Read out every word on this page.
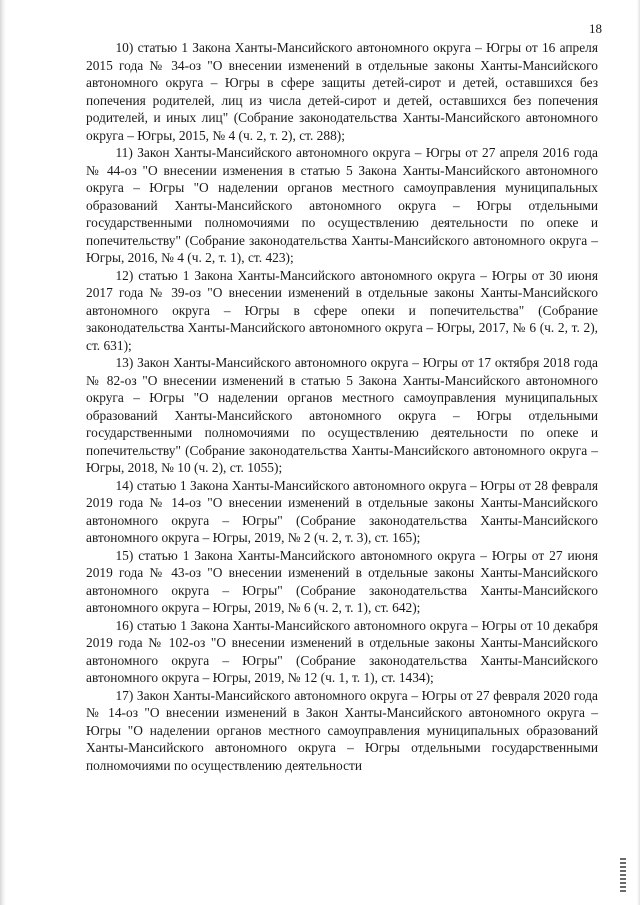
18

10) статью 1 Закона Ханты-Мансийского автономного округа – Югры от 16 апреля 2015 года № 34-оз "О внесении изменений в отдельные законы Ханты-Мансийского автономного округа – Югры в сфере защиты детей-сирот и детей, оставшихся без попечения родителей, лиц из числа детей-сирот и детей, оставшихся без попечения родителей, и иных лиц" (Собрание законодательства Ханты-Мансийского автономного округа – Югры, 2015, № 4 (ч. 2, т. 2), ст. 288);

11) Закон Ханты-Мансийского автономного округа – Югры от 27 апреля 2016 года № 44-оз "О внесении изменения в статью 5 Закона Ханты-Мансийского автономного округа – Югры "О наделении органов местного самоуправления муниципальных образований Ханты-Мансийского автономного округа – Югры отдельными государственными полномочиями по осуществлению деятельности по опеке и попечительству" (Собрание законодательства Ханты-Мансийского автономного округа – Югры, 2016, № 4 (ч. 2, т. 1), ст. 423);

12) статью 1 Закона Ханты-Мансийского автономного округа – Югры от 30 июня 2017 года № 39-оз "О внесении изменений в отдельные законы Ханты-Мансийского автономного округа – Югры в сфере опеки и попечительства" (Собрание законодательства Ханты-Мансийского автономного округа – Югры, 2017, № 6 (ч. 2, т. 2), ст. 631);

13) Закон Ханты-Мансийского автономного округа – Югры от 17 октября 2018 года № 82-оз "О внесении изменений в статью 5 Закона Ханты-Мансийского автономного округа – Югры "О наделении органов местного самоуправления муниципальных образований Ханты-Мансийского автономного округа – Югры отдельными государственными полномочиями по осуществлению деятельности по опеке и попечительству" (Собрание законодательства Ханты-Мансийского автономного округа – Югры, 2018, № 10 (ч. 2), ст. 1055);

14) статью 1 Закона Ханты-Мансийского автономного округа – Югры от 28 февраля 2019 года № 14-оз "О внесении изменений в отдельные законы Ханты-Мансийского автономного округа – Югры" (Собрание законодательства Ханты-Мансийского автономного округа – Югры, 2019, № 2 (ч. 2, т. 3), ст. 165);

15) статью 1 Закона Ханты-Мансийского автономного округа – Югры от 27 июня 2019 года № 43-оз "О внесении изменений в отдельные законы Ханты-Мансийского автономного округа – Югры" (Собрание законодательства Ханты-Мансийского автономного округа – Югры, 2019, № 6 (ч. 2, т. 1), ст. 642);

16) статью 1 Закона Ханты-Мансийского автономного округа – Югры от 10 декабря 2019 года № 102-оз "О внесении изменений в отдельные законы Ханты-Мансийского автономного округа – Югры" (Собрание законодательства Ханты-Мансийского автономного округа – Югры, 2019, № 12 (ч. 1, т. 1), ст. 1434);

17) Закон Ханты-Мансийского автономного округа – Югры от 27 февраля 2020 года № 14-оз "О внесении изменений в Закон Ханты-Мансийского автономного округа – Югры "О наделении органов местного самоуправления муниципальных образований Ханты-Мансийского автономного округа – Югры отдельными государственными полномочиями по осуществлению деятельности
